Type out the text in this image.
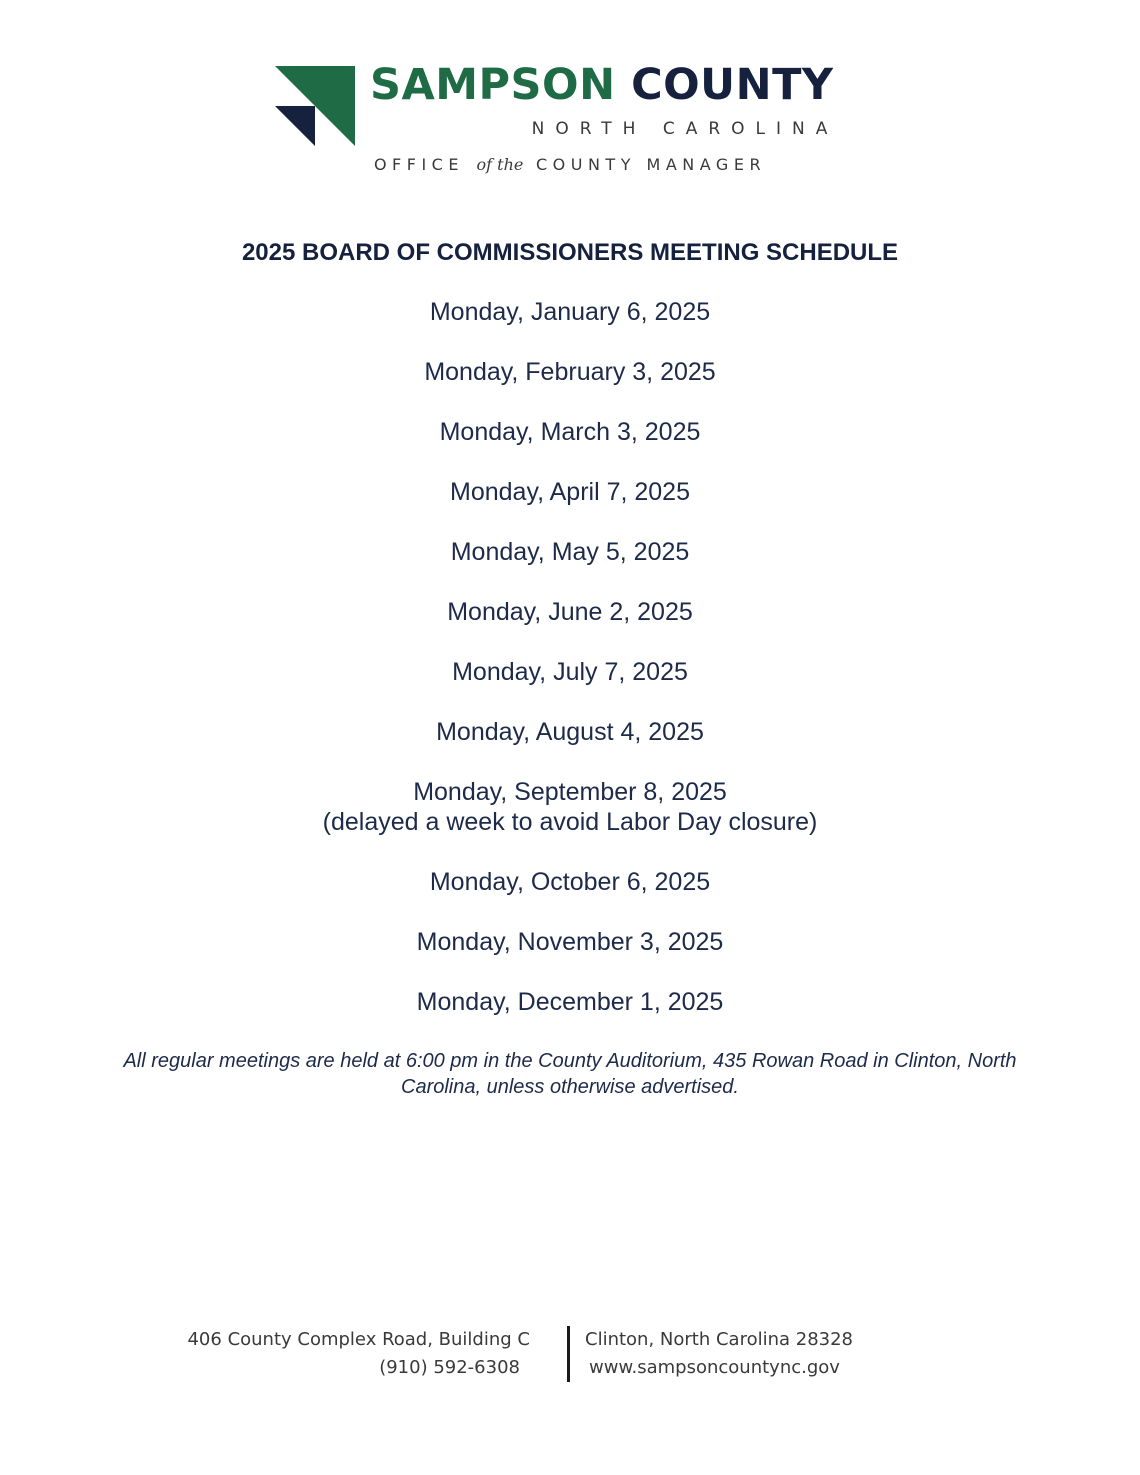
SAMPSON COUNTY
NORTH CAROLINA
OFFICE of the COUNTY MANAGER
2025 BOARD OF COMMISSIONERS MEETING SCHEDULE
Monday, January 6, 2025
Monday, February 3, 2025
Monday, March 3, 2025
Monday, April 7, 2025
Monday, May 5, 2025
Monday, June 2, 2025
Monday, July 7, 2025
Monday, August 4, 2025
Monday, September 8, 2025
(delayed a week to avoid Labor Day closure)
Monday, October 6, 2025
Monday, November 3, 2025
Monday, December 1, 2025

All regular meetings are held at 6:00 pm in the County Auditorium, 435 Rowan Road in Clinton, North Carolina, unless otherwise advertised.

406 County Complex Road, Building C
(910) 592-6308
Clinton, North Carolina 28328
www.sampsoncountync.gov
